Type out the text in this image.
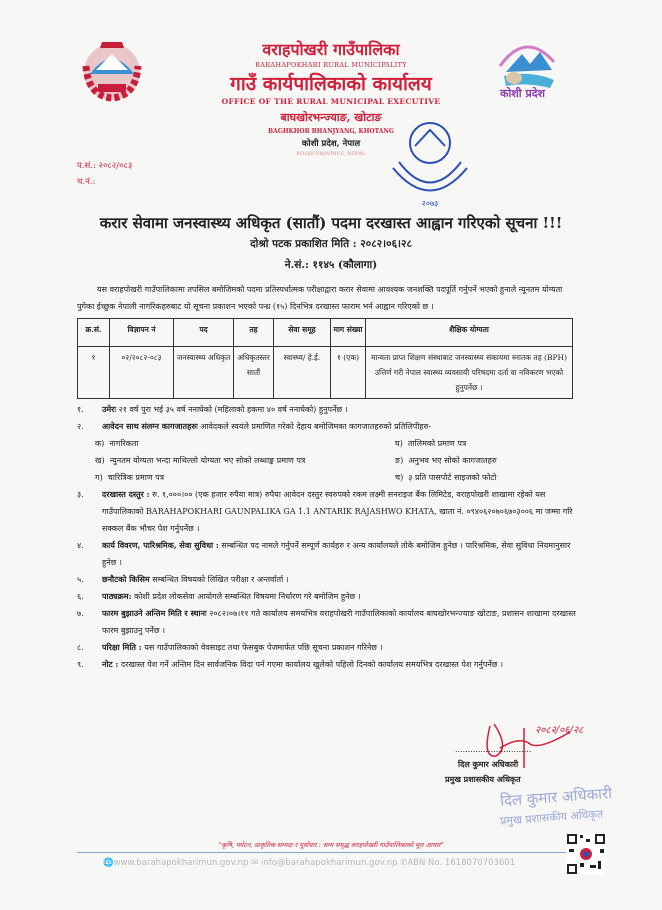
कोशी प्रदेश
वराहपोखरी गाउँपालिका
BARAHAPOKHARI RURAL MUNICIPALITY
गाउँ कार्यपालिकाको कार्यालय
OFFICE OF THE RURAL MUNICIPAL EXECUTIVE
बाघखोरभन्ज्याङ, खोटाङ
BAGHKHOR BHANJYANG, KHOTANG
कोशी प्रदेश, नेपाल
KOSHI PROVINCE, NEPAL
प.सं.: २०८२/०८३
च.नं.:
२०७३
करार सेवामा जनस्वास्थ्य अधिकृत (सातौं) पदमा दरखास्त आह्वान गरिएको सूचना !!!
दोश्रो पटक प्रकाशित मिति : २०८२।०६।२८
ने.सं.: ११४५ (कौलागा)
यस वराहपोखरी गाउँपालिकामा तपसिल बमोजिमको पदमा प्रतिस्पर्धात्मक परीक्षाद्वारा करार सेवामा आवश्यक जनशक्ति पदपूर्ति गर्नुपर्ने भएको हुनाले न्यूनतम योग्यता पुगेका ईच्छुक नेपाली नागरिकहरुबाट यो सूचना प्रकाशन भएको पन्ध्र (१५) दिनभित्र दरखास्त फाराम भर्न आह्वान गरिएको छ ।
क्र.सं.	विज्ञापन नं	पद	तह	सेवा समूह	माग संख्या	शैक्षिक योग्यता
१	०२/२०८२-०८३	जनस्वास्थ्य अधिकृत	अधिकृतस्तर सातौं	स्वास्थ्य/ हे.ई.	१ (एक)	मान्यता प्राप्त शिक्षण संस्थाबाट जनस्वास्थ्य संकायमा स्नातक तह (BPH) उत्तिर्ण गरी नेपाल स्वास्थ्य व्यवसायी परिषदमा दर्ता वा नविकरण भएको हुनुपर्नेछ ।
१. उमेरः २१ वर्ष पुरा भई ३५ वर्ष ननाघेको (महिलाको हकमा ४० वर्ष ननाघेको) हुनुपर्नेछ ।
२. आवेदन साथ संलग्न कागजातहरुः आवेदकले स्वयंले प्रमाणित गरेको देहाय बमोजिमका कागजातहरुको प्रतिलिपीहरु-
क) नागरिकता	घ) तालिमको प्रमाण पत्र
ख) न्युनतम योग्यता भन्दा माथिल्लो योग्यता भए सोको लब्धाङ्क प्रमाण पत्र	ङ) अनुभव भए सोको कागजातहरु
ग) चारित्रिक प्रमाण पत्र	च) ३ प्रति पासपोर्ट साइजको फोटो
३. दरखास्त दस्तुर : रु. १,०००।०० (एक हजार रुपैया मात्र) रुपैया आवेदन दस्तुर स्वरुपको रकम लक्ष्मी सनराइज बैंक लिमिटेड, वराहपोखरी शाखामा रहेको यस गाउँपालिकाको BARAHAPOKHARI GAUNPALIKA GA 1.1 ANTARIK RAJASHWO KHATA, खाता नं. ०९४०६२०७०६७०३००६ मा जम्मा गरि सक्कल बैंक भौचर पेश गर्नुपर्नेछ ।
४. कार्य विवरण, पारिश्रमिक, सेवा सुविधा : सम्बन्धित पद नामले गर्नुपर्ने सम्पूर्ण कार्यहरु र अन्य कार्यालयले तोके बमोजिम हुनेछ । पारिश्रमिक, सेवा सुविधा नियमानुसार हुनेछ ।
५. छनौटको किसिम सम्बन्धित विषयको लिखित परीक्षा र अन्तर्वार्ता ।
६. पाठ्यक्रम: कोशी प्रदेश लोकसेवा आयोगले सम्बन्धित विषयमा निर्धारण गरे बमोजिम हुनेछ ।
७. फारम बुझाउने अन्तिम मिति र स्थानः २०८२।०७।११ गते कार्यालय समयभित्र वराहपोखरी गाउँपालिकाको कार्यालय बाघखोरभन्ज्याङ खोटाङ, प्रशासन शाखामा दरखास्त फारम बुझाउनु पर्नेछ ।
८. परिक्षा मिति : यस गाउँपालिकाको वेवसाइट तथा फेसबुक पेजमार्फत पछि सूचना प्रकाशन गरिनेछ ।
९. नोट : दरखास्त पेश गर्ने अन्तिम दिन सार्वजनिक विदा पर्न गएमा कार्यालय खुलेको पहिलो दिनको कार्यालय समयभित्र दरखास्त पेश गर्नुपर्नेछ ।
२०८२/०६/२८
..............................
दिल कुमार अधिकारी
प्रमुख प्रशासकीय अधिकृत
दिल कुमार अधिकारी
प्रमुख प्रशासकीय अधिकृत
"कृषि, पर्यटन, प्राकृतिक सम्पदा र पूर्वाधार : सम्य समृद्ध वराहपोखरी गाउँपालिकाको मूल आधार"
🌐www.barahapokharimun.gov.np ✉ info@barahapokharimun.gov.np ✆ABN No. 1618070703601
